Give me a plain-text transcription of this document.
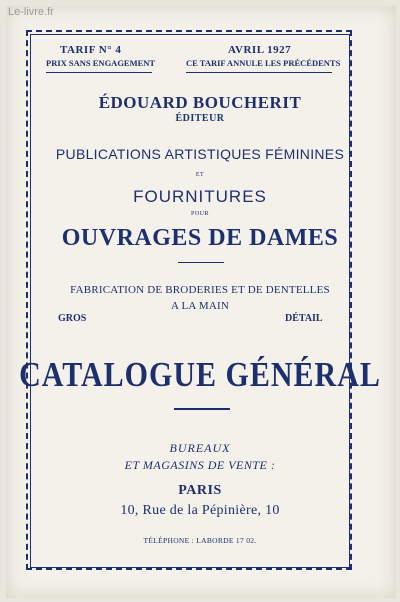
Le-livre.fr
TARIF N° 4
PRIX SANS ENGAGEMENT
AVRIL 1927
CE TARIF ANNULE LES PRÉCÉDENTS
ÉDOUARD BOUCHERIT
ÉDITEUR
PUBLICATIONS ARTISTIQUES FÉMININES
ET
FOURNITURES
POUR
OUVRAGES DE DAMES
FABRICATION DE BRODERIES ET DE DENTELLES
A LA MAIN
GROS	DÉTAIL
CATALOGUE GÉNÉRAL
BUREAUX
ET MAGASINS DE VENTE :
PARIS
10, Rue de la Pépinière, 10
TÉLÉPHONE : LABORDE 17 02.
